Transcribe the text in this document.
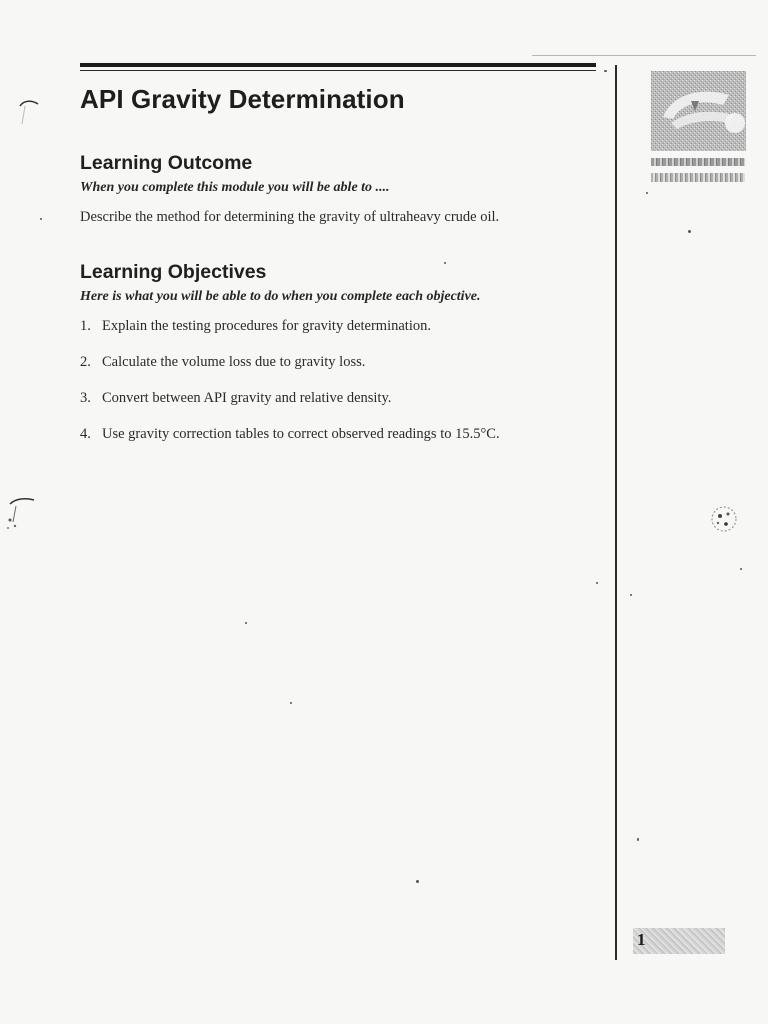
API Gravity Determination
Learning Outcome

When you complete this module you will be able to ....

Describe the method for determining the gravity of ultraheavy crude oil.

Learning Objectives

Here is what you will be able to do when you complete each objective.

1. Explain the testing procedures for gravity determination.
2. Calculate the volume loss due to gravity loss.
3. Convert between API gravity and relative density.
4. Use gravity correction tables to correct observed readings to 15.5°C.
1
